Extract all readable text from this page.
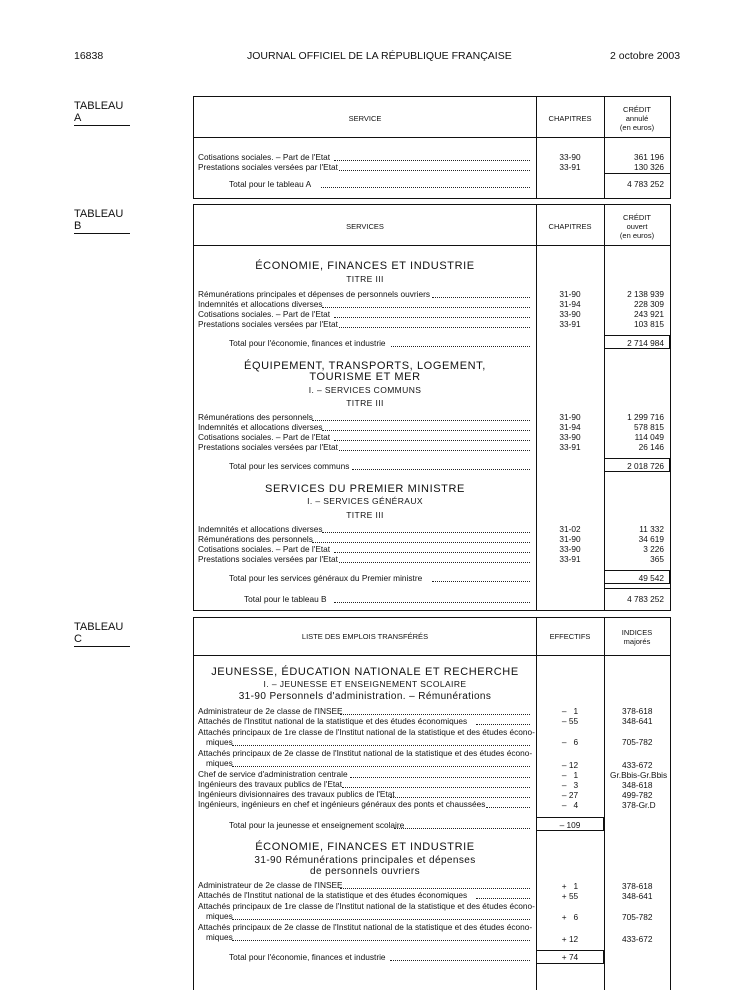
16838	JOURNAL OFFICIEL DE LA RÉPUBLIQUE FRANÇAISE	2 octobre 2003
TABLEAU A	SERVICE	CHAPITRES
CRÉDIT
annulé
(en euros)
Cotisations sociales. – Part de l'Etat	33-90	361 196
Prestations sociales versées par l'Etat	33-91	130 326
Total pour le tableau A	4 783 252
TABLEAU B	SERVICES	CHAPITRES
CRÉDIT
ouvert
(en euros)
ÉCONOMIE, FINANCES ET INDUSTRIE
TITRE III
Rémunérations principales et dépenses de personnels ouvriers	31-90	2 138 939
Indemnités et allocations diverses	31-94	228 309
Cotisations sociales. – Part de l'Etat	33-90	243 921
Prestations sociales versées par l'Etat	33-91	103 815
Total pour l'économie, finances et industrie	2 714 984
ÉQUIPEMENT, TRANSPORTS, LOGEMENT,
TOURISME ET MER
I. – SERVICES COMMUNS
TITRE III
Rémunérations des personnels	31-90	1 299 716
Indemnités et allocations diverses	31-94	578 815
Cotisations sociales. – Part de l'Etat	33-90	114 049
Prestations sociales versées par l'Etat	33-91	26 146
Total pour les services communs	2 018 726
SERVICES DU PREMIER MINISTRE
I. – SERVICES GÉNÉRAUX
TITRE III
Indemnités et allocations diverses	31-02	11 332
Rémunérations des personnels	31-90	34 619
Cotisations sociales. – Part de l'Etat	33-90	3 226
Prestations sociales versées par l'Etat	33-91	365
Total pour les services généraux du Premier ministre	49 542
Total pour le tableau B	4 783 252
TABLEAU C	LISTE DES EMPLOIS TRANSFÉRÉS	EFFECTIFS	INDICES
majorés
JEUNESSE, ÉDUCATION NATIONALE ET RECHERCHE
I. – JEUNESSE ET ENSEIGNEMENT SCOLAIRE
31-90 Personnels d'administration. – Rémunérations
Administrateur de 2e classe de l'INSEE	–   1	378-618
Attachés de l'Institut national de la statistique et des études économiques	– 55	348-641
Attachés principaux de 1re classe de l'Institut national de la statistique et des études écono-
miques	–   6	705-782
Attachés principaux de 2e classe de l'Institut national de la statistique et des études écono-
miques	– 12	433-672
Chef de service d'administration centrale	–   1	Gr.Bbis-Gr.Bbis
Ingénieurs des travaux publics de l'Etat	–   3	348-618
Ingénieurs divisionnaires des travaux publics de l'Etat	– 27	499-782
Ingénieurs, ingénieurs en chef et ingénieurs généraux des ponts et chaussées	–   4	378-Gr.D
Total pour la jeunesse et enseignement scolaire	– 109
ÉCONOMIE, FINANCES ET INDUSTRIE
31-90 Rémunérations principales et dépenses
de personnels ouvriers
Administrateur de 2e classe de l'INSEE	+   1	378-618
Attachés de l'Institut national de la statistique et des études économiques	+ 55	348-641
Attachés principaux de 1re classe de l'Institut national de la statistique et des études écono-
miques	+   6	705-782
Attachés principaux de 2e classe de l'Institut national de la statistique et des études écono-
miques	+ 12	433-672
Total pour l'économie, finances et industrie	+ 74
